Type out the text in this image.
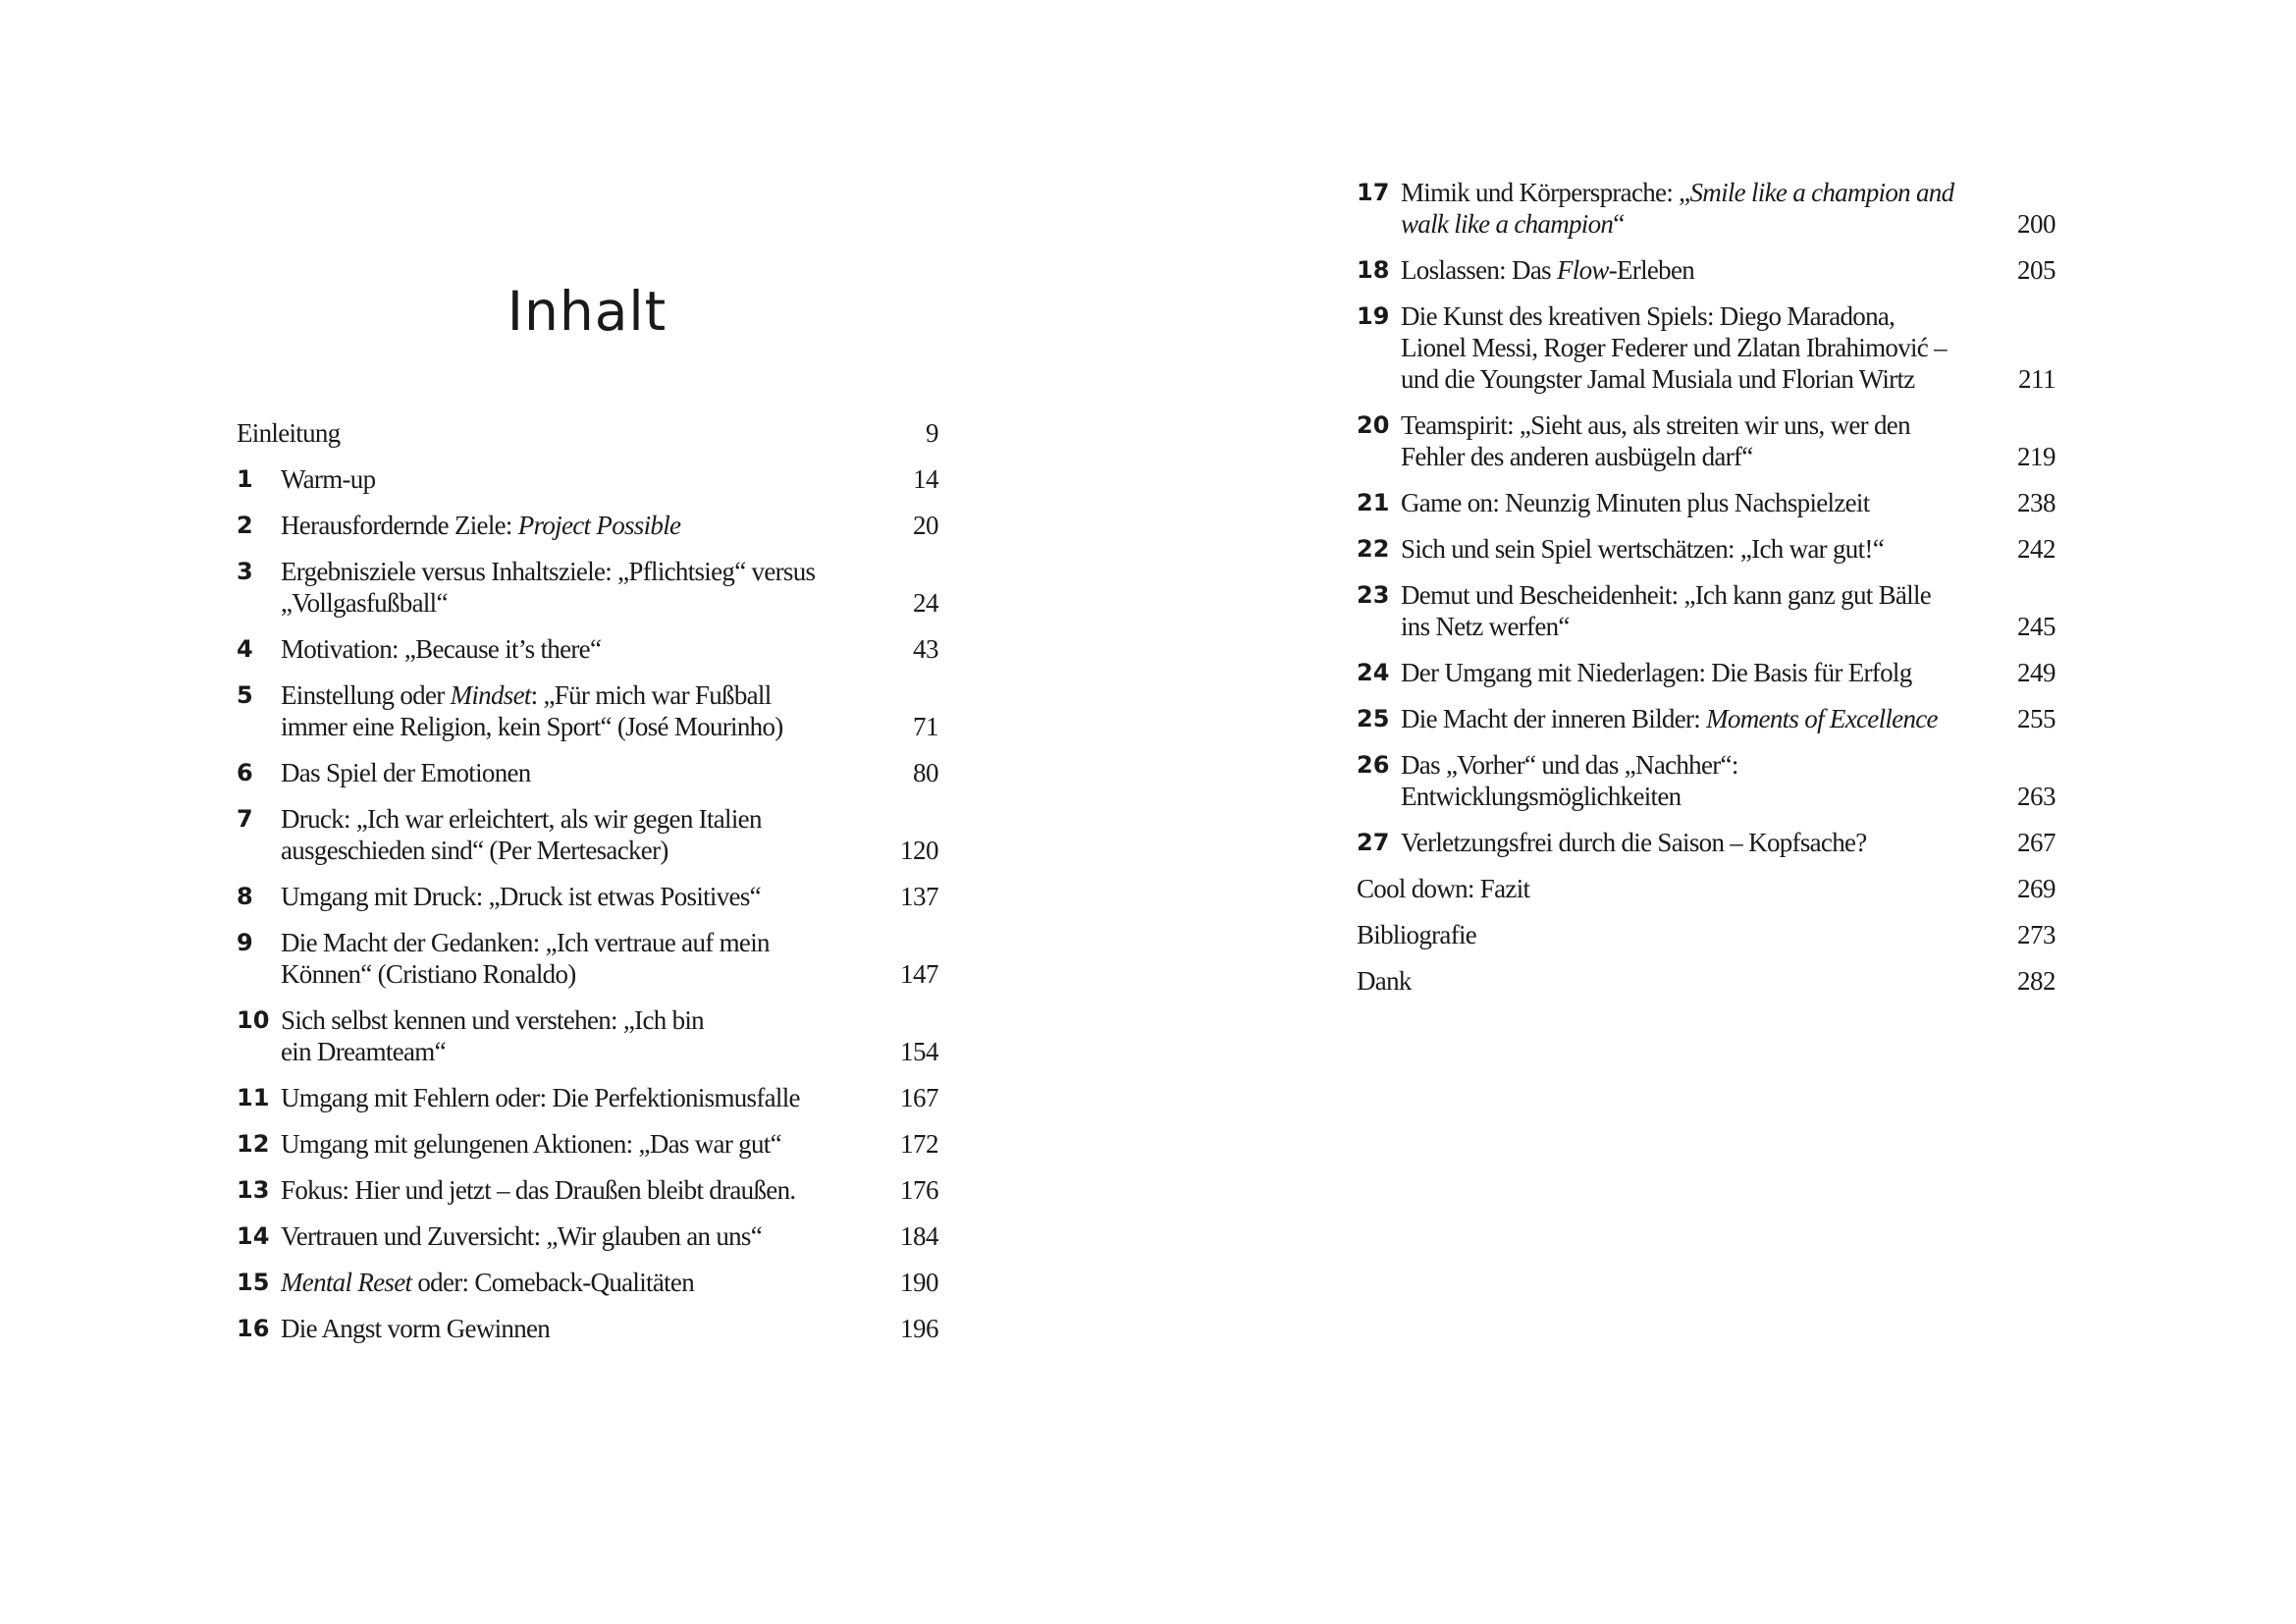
Inhalt
Einleitung	9
1 Warm-up	14
2 Herausfordernde Ziele: Project Possible	20
3 Ergebnisziele versus Inhaltsziele: „Pflichtsieg“ versus
„Vollgasfußball“	24
4 Motivation: „Because it’s there“	43
5 Einstellung oder Mindset: „Für mich war Fußball
immer eine Religion, kein Sport“ (José Mourinho)	71
6 Das Spiel der Emotionen	80
7 Druck: „Ich war erleichtert, als wir gegen Italien
ausgeschieden sind“ (Per Mertesacker)	120
8 Umgang mit Druck: „Druck ist etwas Positives“	137
9 Die Macht der Gedanken: „Ich vertraue auf mein
Können“ (Cristiano Ronaldo)	147
10 Sich selbst kennen und verstehen: „Ich bin
ein Dreamteam“	154
11 Umgang mit Fehlern oder: Die Perfektionismusfalle	167
12 Umgang mit gelungenen Aktionen: „Das war gut“	172
13 Fokus: Hier und jetzt – das Draußen bleibt draußen.	176
14 Vertrauen und Zuversicht: „Wir glauben an uns“	184
15 Mental Reset oder: Comeback-Qualitäten	190
16 Die Angst vorm Gewinnen	196
17 Mimik und Körpersprache: „Smile like a champion and
walk like a champion“	200
18 Loslassen: Das Flow-Erleben	205
19 Die Kunst des kreativen Spiels: Diego Maradona,
Lionel Messi, Roger Federer und Zlatan Ibrahimović –
und die Youngster Jamal Musiala und Florian Wirtz	211
20 Teamspirit: „Sieht aus, als streiten wir uns, wer den
Fehler des anderen ausbügeln darf“	219
21 Game on: Neunzig Minuten plus Nachspielzeit	238
22 Sich und sein Spiel wertschätzen: „Ich war gut!“	242
23 Demut und Bescheidenheit: „Ich kann ganz gut Bälle
ins Netz werfen“	245
24 Der Umgang mit Niederlagen: Die Basis für Erfolg	249
25 Die Macht der inneren Bilder: Moments of Excellence	255
26 Das „Vorher“ und das „Nachher“:
Entwicklungsmöglichkeiten	263
27 Verletzungsfrei durch die Saison – Kopfsache?	267
Cool down: Fazit	269
Bibliografie	273
Dank	282
